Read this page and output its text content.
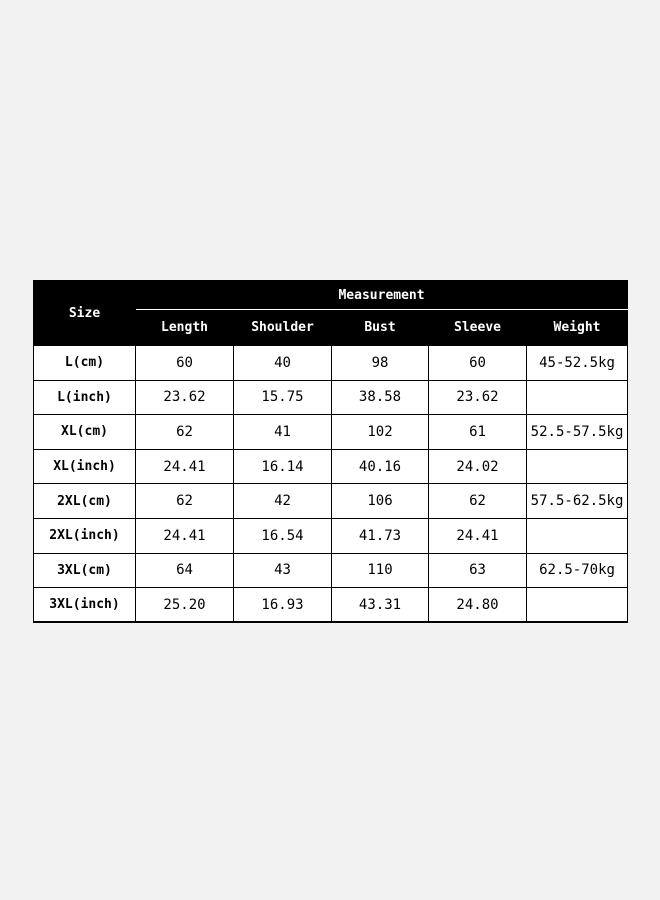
Size	Measurement				
	Length	Shoulder	Bust	Sleeve	Weight
L(cm)	60	40	98	60	45-52.5kg
L(inch)	23.62	15.75	38.58	23.62	
XL(cm)	62	41	102	61	52.5-57.5kg
XL(inch)	24.41	16.14	40.16	24.02	
2XL(cm)	62	42	106	62	57.5-62.5kg
2XL(inch)	24.41	16.54	41.73	24.41	
3XL(cm)	64	43	110	63	62.5-70kg
3XL(inch)	25.20	16.93	43.31	24.80	
